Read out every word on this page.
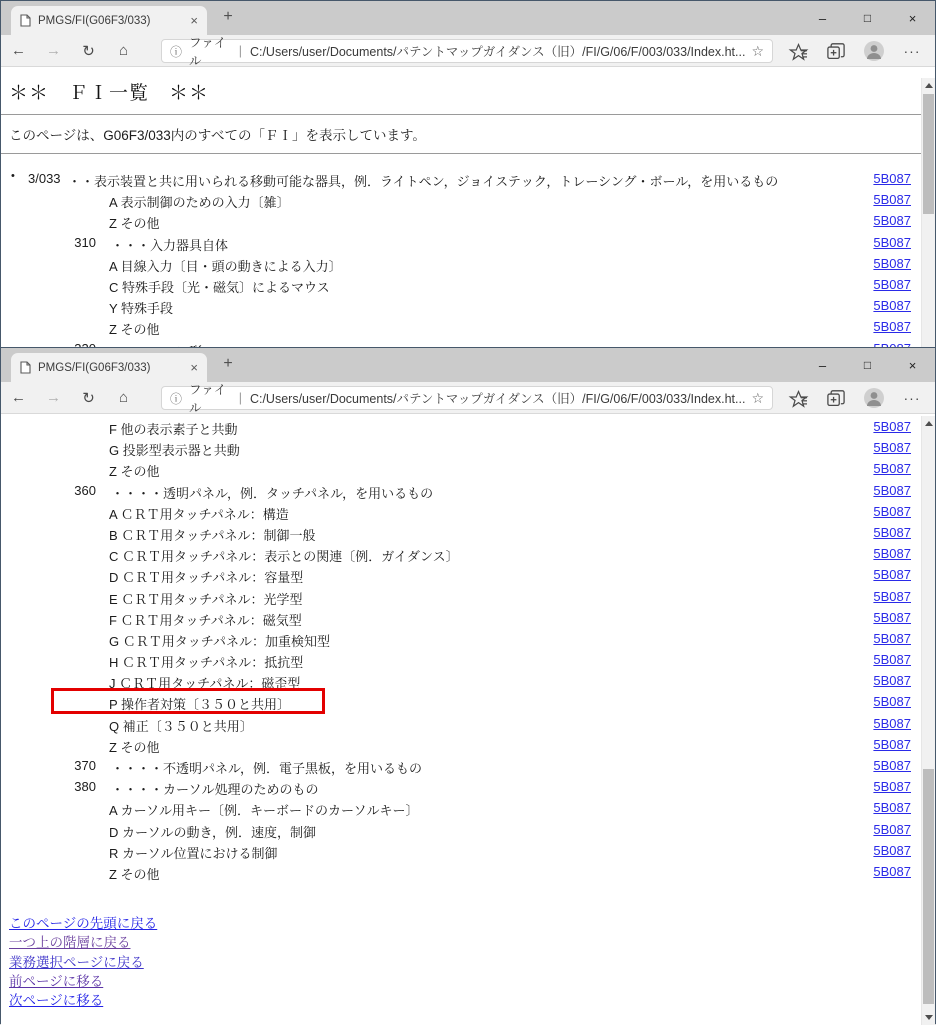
PMGS/FI(G06F3/033)	×	+	–	□	×
←	→	↻	⌂	ⓘ
ファイル
| C:/Users/user/Documents/パテントマップガイダンス（旧）/FI/G/06/F/003/033/Index.ht... ☆	···
＊＊　ＦＩ一覧　＊＊
このページは、G06F3/033内のすべての「ＦＩ」を表示しています。
• 3/033 ・・表示装置と共に用いられる移動可能な器具，例．ライトペン，ジョイステック，トレーシング・ボール，を用いるもの	5B087
A 表示制御のための入力〔雑〕	5B087
Z その他	5B087
310 ・・・入力器具自体	5B087
A 目線入力〔目・頭の動きによる入力〕	5B087
C 特殊手段〔光・磁気〕によるマウス	5B087
Y 特殊手段	5B087
Z その他	5B087
PMGS/FI(G06F3/033)	×	+	–	□	×
←	→	↻	⌂	ⓘ
ファイル
| C:/Users/user/Documents/パテントマップガイダンス（旧）/FI/G/06/F/003/033/Index.ht... ☆	···
F 他の表示素子と共動	5B087
G 投影型表示器と共動	5B087
Z その他	5B087
360 ・・・・透明パネル，例．タッチパネル，を用いるもの	5B087
A ＣＲＴ用タッチパネル：構造	5B087
B ＣＲＴ用タッチパネル：制御一般	5B087
C ＣＲＴ用タッチパネル：表示との関連〔例．ガイダンス〕	5B087
D ＣＲＴ用タッチパネル：容量型	5B087
E ＣＲＴ用タッチパネル：光学型	5B087
F ＣＲＴ用タッチパネル：磁気型	5B087
G ＣＲＴ用タッチパネル：加重検知型	5B087
H ＣＲＴ用タッチパネル：抵抗型	5B087
J ＣＲＴ用タッチパネル：磁歪型	5B087
P 操作者対策〔３５０と共用〕	5B087
Q 補正〔３５０と共用〕	5B087
Z その他	5B087
370 ・・・・不透明パネル，例．電子黒板，を用いるもの	5B087
380 ・・・・カーソル処理のためのもの	5B087
A カーソル用キー〔例．キーボードのカーソルキー〕	5B087
D カーソルの動き，例．速度，制御	5B087
R カーソル位置における制御	5B087
Z その他	5B087
このページの先頭に戻る
一つ上の階層に戻る
業務選択ページに戻る
前ページに移る
次ページに移る
